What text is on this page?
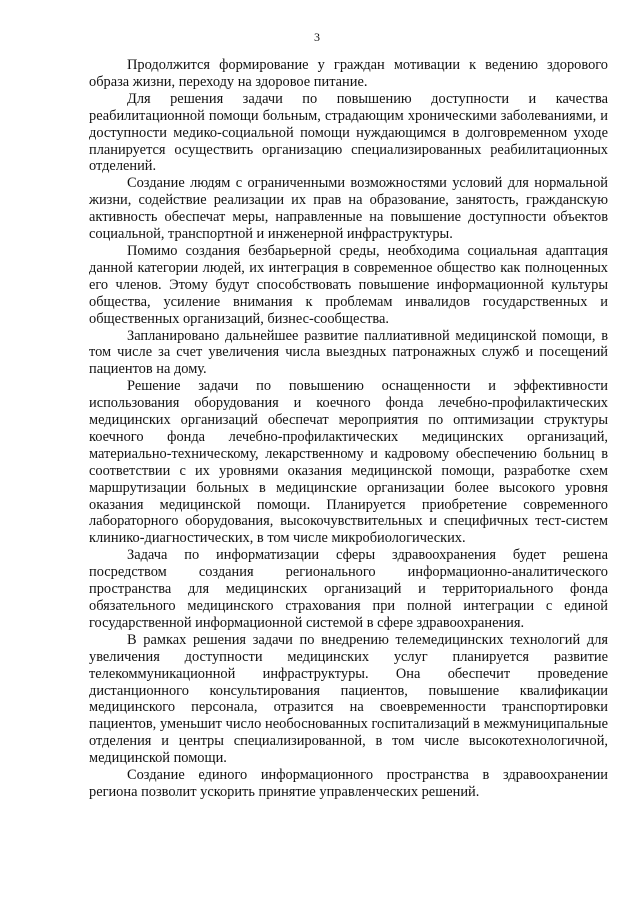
3

Продолжится формирование у граждан мотивации к ведению здорового образа жизни, переходу на здоровое питание.

Для решения задачи по повышению доступности и качества реабилитационной помощи больным, страдающим хроническими заболеваниями, и доступности медико-социальной помощи нуждающимся в долговременном уходе планируется осуществить организацию специализированных реабилитационных отделений.

Создание людям с ограниченными возможностями условий для нормальной жизни, содействие реализации их прав на образование, занятость, гражданскую активность обеспечат меры, направленные на повышение доступности объектов социальной, транспортной и инженерной инфраструктуры.

Помимо создания безбарьерной среды, необходима социальная адаптация данной категории людей, их интеграция в современное общество как полноценных его членов. Этому будут способствовать повышение информационной культуры общества, усиление внимания к проблемам инвалидов государственных и общественных организаций, бизнес-сообщества.

Запланировано дальнейшее развитие паллиативной медицинской помощи, в том числе за счет увеличения числа выездных патронажных служб и посещений пациентов на дому.

Решение задачи по повышению оснащенности и эффективности использования оборудования и коечного фонда лечебно-профилактических медицинских организаций обеспечат мероприятия по оптимизации структуры коечного фонда лечебно-профилактических медицинских организаций, материально-техническому, лекарственному и кадровому обеспечению больниц в соответствии с их уровнями оказания медицинской помощи, разработке схем маршрутизации больных в медицинские организации более высокого уровня оказания медицинской помощи. Планируется приобретение современного лабораторного оборудования, высокочувствительных и специфичных тест-систем клинико-диагностических, в том числе микробиологических.

Задача по информатизации сферы здравоохранения будет решена посредством создания регионального информационно-аналитического пространства для медицинских организаций и территориального фонда обязательного медицинского страхования при полной интеграции с единой государственной информационной системой в сфере здравоохранения.

В рамках решения задачи по внедрению телемедицинских технологий для увеличения доступности медицинских услуг планируется развитие телекоммуникационной инфраструктуры. Она обеспечит проведение дистанционного консультирования пациентов, повышение квалификации медицинского персонала, отразится на своевременности транспортировки пациентов, уменьшит число необоснованных госпитализаций в межмуниципальные отделения и центры специализированной, в том числе высокотехнологичной, медицинской помощи.

Создание единого информационного пространства в здравоохранении региона позволит ускорить принятие управленческих решений.
